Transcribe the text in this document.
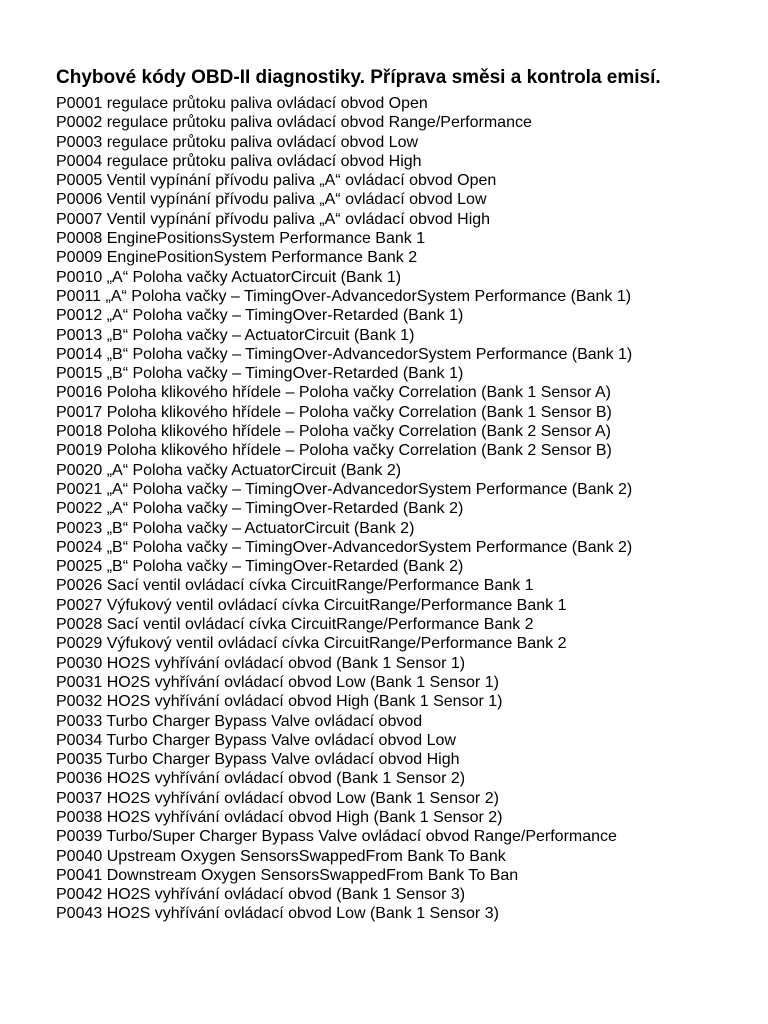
Chybové kódy OBD-II diagnostiky. Příprava směsi a kontrola emisí.
P0001 regulace průtoku paliva ovládací obvod Open
P0002 regulace průtoku paliva ovládací obvod Range/Performance
P0003 regulace průtoku paliva ovládací obvod Low
P0004 regulace průtoku paliva ovládací obvod High
P0005 Ventil vypínání přívodu paliva „A“ ovládací obvod Open
P0006 Ventil vypínání přívodu paliva „A“ ovládací obvod Low
P0007 Ventil vypínání přívodu paliva „A“ ovládací obvod High
P0008 EnginePositionsSystem Performance Bank 1
P0009 EnginePositionSystem Performance Bank 2
P0010 „A“ Poloha vačky ActuatorCircuit (Bank 1)
P0011 „A“ Poloha vačky – TimingOver-AdvancedorSystem Performance (Bank 1)
P0012 „A“ Poloha vačky – TimingOver-Retarded (Bank 1)
P0013 „B“ Poloha vačky – ActuatorCircuit (Bank 1)
P0014 „B“ Poloha vačky – TimingOver-AdvancedorSystem Performance (Bank 1)
P0015 „B“ Poloha vačky – TimingOver-Retarded (Bank 1)
P0016 Poloha klikového hřídele – Poloha vačky Correlation (Bank 1 Sensor A)
P0017 Poloha klikového hřídele – Poloha vačky Correlation (Bank 1 Sensor B)
P0018 Poloha klikového hřídele – Poloha vačky Correlation (Bank 2 Sensor A)
P0019 Poloha klikového hřídele – Poloha vačky Correlation (Bank 2 Sensor B)
P0020 „A“ Poloha vačky ActuatorCircuit (Bank 2)
P0021 „A“ Poloha vačky – TimingOver-AdvancedorSystem Performance (Bank 2)
P0022 „A“ Poloha vačky – TimingOver-Retarded (Bank 2)
P0023 „B“ Poloha vačky – ActuatorCircuit (Bank 2)
P0024 „B“ Poloha vačky – TimingOver-AdvancedorSystem Performance (Bank 2)
P0025 „B“ Poloha vačky – TimingOver-Retarded (Bank 2)
P0026 Sací ventil ovládací cívka CircuitRange/Performance Bank 1
P0027 Výfukový ventil ovládací cívka CircuitRange/Performance Bank 1
P0028 Sací ventil ovládací cívka CircuitRange/Performance Bank 2
P0029 Výfukový ventil ovládací cívka CircuitRange/Performance Bank 2
P0030 HO2S vyhřívání ovládací obvod (Bank 1 Sensor 1)
P0031 HO2S vyhřívání ovládací obvod Low (Bank 1 Sensor 1)
P0032 HO2S vyhřívání ovládací obvod High (Bank 1 Sensor 1)
P0033 Turbo Charger Bypass Valve ovládací obvod
P0034 Turbo Charger Bypass Valve ovládací obvod Low
P0035 Turbo Charger Bypass Valve ovládací obvod High
P0036 HO2S vyhřívání ovládací obvod (Bank 1 Sensor 2)
P0037 HO2S vyhřívání ovládací obvod Low (Bank 1 Sensor 2)
P0038 HO2S vyhřívání ovládací obvod High (Bank 1 Sensor 2)
P0039 Turbo/Super Charger Bypass Valve ovládací obvod Range/Performance
P0040 Upstream Oxygen SensorsSwappedFrom Bank To Bank
P0041 Downstream Oxygen SensorsSwappedFrom Bank To Ban
P0042 HO2S vyhřívání ovládací obvod (Bank 1 Sensor 3)
P0043 HO2S vyhřívání ovládací obvod Low (Bank 1 Sensor 3)
